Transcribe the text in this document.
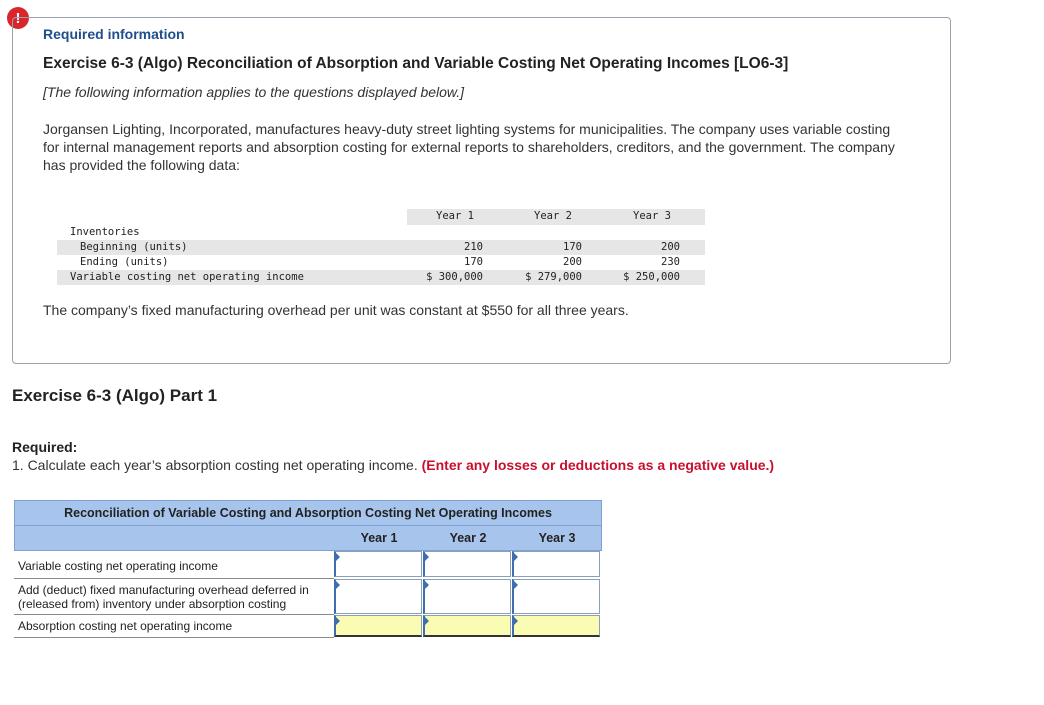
!
Required information
Exercise 6-3 (Algo) Reconciliation of Absorption and Variable Costing Net Operating Incomes [LO6-3]
[The following information applies to the questions displayed below.]
Jorgansen Lighting, Incorporated, manufactures heavy-duty street lighting systems for municipalities. The company uses variable costing for internal management reports and absorption costing for external reports to shareholders, creditors, and the government. The company has provided the following data:
Year 1	Year 2	Year 3
Inventories
Beginning (units)	210	170	200
Ending (units)	170	200	230
Variable costing net operating income	$ 300,000	$ 279,000	$ 250,000
The company’s fixed manufacturing overhead per unit was constant at $550 for all three years.
Exercise 6-3 (Algo) Part 1
Required:
1. Calculate each year’s absorption costing net operating income. (Enter any losses or deductions as a negative value.)
Reconciliation of Variable Costing and Absorption Costing Net Operating Incomes
Year 1	Year 2	Year 3
Variable costing net operating income
Add (deduct) fixed manufacturing overhead deferred in (released from) inventory under absorption costing
Absorption costing net operating income
